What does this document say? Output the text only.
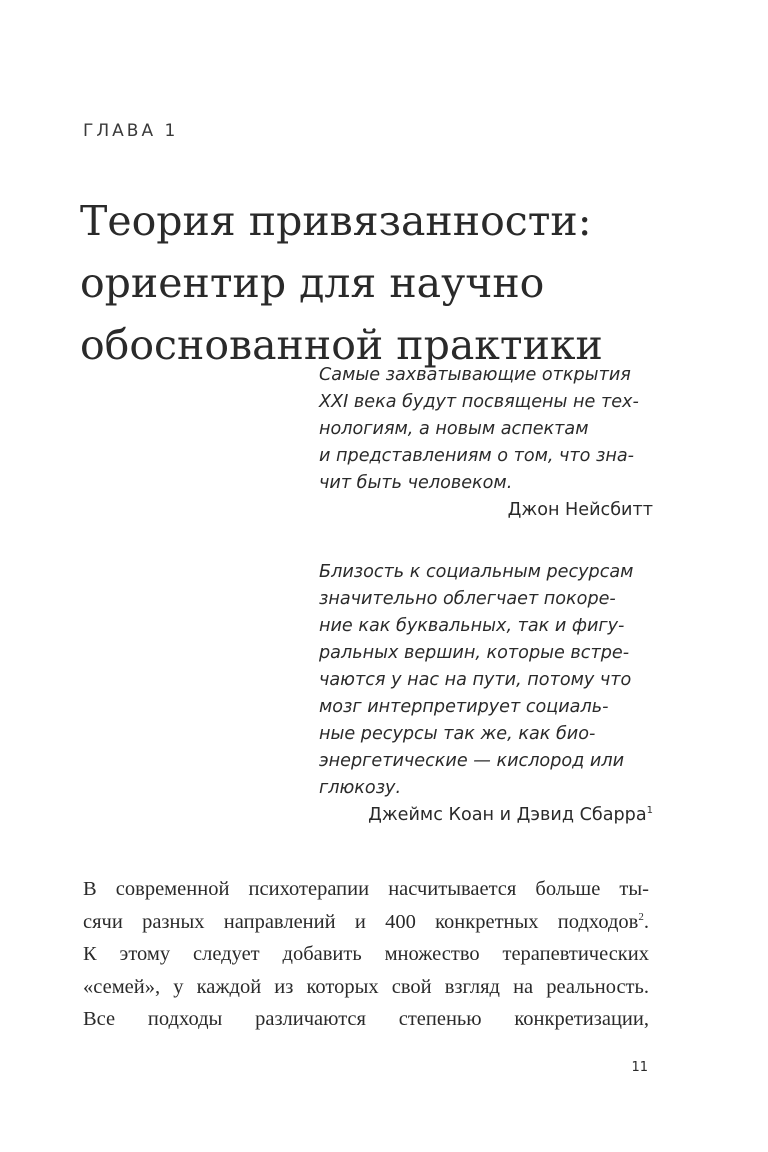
ГЛАВА 1
Теория привязанности:
ориентир для научно
обоснованной практики
Самые захватывающие открытия
XXI века будут посвящены не тех-
нологиям, а новым аспектам
и представлениям о том, что зна-
чит быть человеком.
Джон Нейсбитт
Близость к социальным ресурсам
значительно облегчает покоре-
ние как буквальных, так и фигу-
ральных вершин, которые встре-
чаются у нас на пути, потому что
мозг интерпретирует социаль-
ные ресурсы так же, как био-
энергетические — кислород или
глюкозу.
Джеймс Коан и Дэвид Сбарра$^1$
В современной психотерапии насчитывается больше ты-
сячи разных направлений и 400 конкретных подходов$^2$.
К этому следует добавить множество терапевтических
«семей», у каждой из которых свой взгляд на реальность.
Все подходы различаются степенью конкретизации,
11
